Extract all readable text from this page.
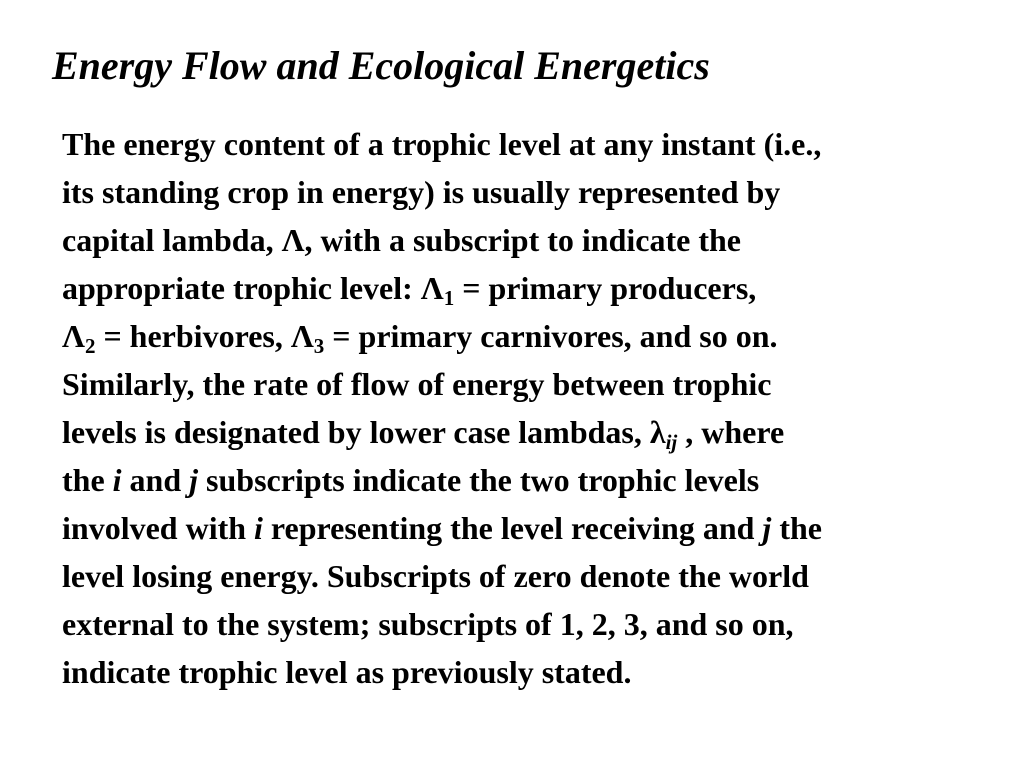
Energy Flow and Ecological Energetics
The energy content of a trophic level at any instant (i.e.,
its standing crop in energy) is usually represented by
capital lambda, Λ, with a subscript to indicate the
appropriate trophic level: $\Lambda_1$ = primary producers,
$\Lambda_2$ = herbivores, $\Lambda_3$ = primary carnivores, and so on.
Similarly, the rate of flow of energy between trophic
levels is designated by lower case lambdas, $\lambda_{ij}$ , where
the i and j subscripts indicate the two trophic levels
involved with i representing the level receiving and j the
level losing energy. Subscripts of zero denote the world
external to the system; subscripts of 1, 2, 3, and so on,
indicate trophic level as previously stated.
